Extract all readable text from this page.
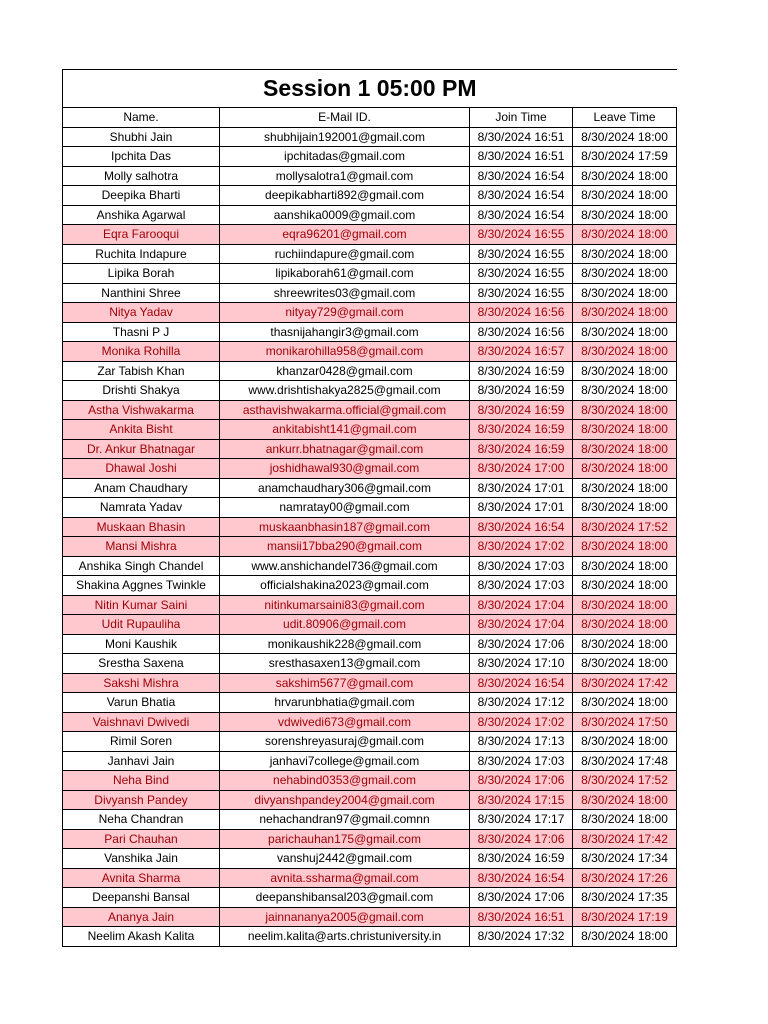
Session 1 05:00 PM			
Name.	E-Mail ID.	Join Time	Leave Time
Shubhi Jain	shubhijain192001@gmail.com	8/30/2024 16:51	8/30/2024 18:00
Ipchita Das	ipchitadas@gmail.com	8/30/2024 16:51	8/30/2024 17:59
Molly salhotra	mollysalotra1@gmail.com	8/30/2024 16:54	8/30/2024 18:00
Deepika Bharti	deepikabharti892@gmail.com	8/30/2024 16:54	8/30/2024 18:00
Anshika Agarwal	aanshika0009@gmail.com	8/30/2024 16:54	8/30/2024 18:00
Eqra Farooqui	eqra96201@gmail.com	8/30/2024 16:55	8/30/2024 18:00
Ruchita Indapure	ruchiindapure@gmail.com	8/30/2024 16:55	8/30/2024 18:00
Lipika Borah	lipikaborah61@gmail.com	8/30/2024 16:55	8/30/2024 18:00
Nanthini Shree	shreewrites03@gmail.com	8/30/2024 16:55	8/30/2024 18:00
Nitya Yadav	nityay729@gmail.com	8/30/2024 16:56	8/30/2024 18:00
Thasni P J	thasnijahangir3@gmail.com	8/30/2024 16:56	8/30/2024 18:00
Monika Rohilla	monikarohilla958@gmail.com	8/30/2024 16:57	8/30/2024 18:00
Zar Tabish Khan	khanzar0428@gmail.com	8/30/2024 16:59	8/30/2024 18:00
Drishti Shakya	www.drishtishakya2825@gmail.com	8/30/2024 16:59	8/30/2024 18:00
Astha Vishwakarma	asthavishwakarma.official@gmail.com	8/30/2024 16:59	8/30/2024 18:00
Ankita Bisht	ankitabisht141@gmail.com	8/30/2024 16:59	8/30/2024 18:00
Dr. Ankur Bhatnagar	ankurr.bhatnagar@gmail.com	8/30/2024 16:59	8/30/2024 18:00
Dhawal Joshi	joshidhawal930@gmail.com	8/30/2024 17:00	8/30/2024 18:00
Anam Chaudhary	anamchaudhary306@gmail.com	8/30/2024 17:01	8/30/2024 18:00
Namrata Yadav	namratay00@gmail.com	8/30/2024 17:01	8/30/2024 18:00
Muskaan Bhasin	muskaanbhasin187@gmail.com	8/30/2024 16:54	8/30/2024 17:52
Mansi Mishra	mansii17bba290@gmail.com	8/30/2024 17:02	8/30/2024 18:00
Anshika Singh Chandel	www.anshichandel736@gmail.com	8/30/2024 17:03	8/30/2024 18:00
Shakina Aggnes Twinkle	officialshakina2023@gmail.com	8/30/2024 17:03	8/30/2024 18:00
Nitin Kumar Saini	nitinkumarsaini83@gmail.com	8/30/2024 17:04	8/30/2024 18:00
Udit Rupauliha	udit.80906@gmail.com	8/30/2024 17:04	8/30/2024 18:00
Moni Kaushik	monikaushik228@gmail.com	8/30/2024 17:06	8/30/2024 18:00
Srestha Saxena	sresthasaxen13@gmail.com	8/30/2024 17:10	8/30/2024 18:00
Sakshi Mishra	sakshim5677@gmail.com	8/30/2024 16:54	8/30/2024 17:42
Varun Bhatia	hrvarunbhatia@gmail.com	8/30/2024 17:12	8/30/2024 18:00
Vaishnavi Dwivedi	vdwivedi673@gmail.com	8/30/2024 17:02	8/30/2024 17:50
Rimil Soren	sorenshreyasuraj@gmail.com	8/30/2024 17:13	8/30/2024 18:00
Janhavi Jain	janhavi7college@gmail.com	8/30/2024 17:03	8/30/2024 17:48
Neha Bind	nehabind0353@gmail.com	8/30/2024 17:06	8/30/2024 17:52
Divyansh Pandey	divyanshpandey2004@gmail.com	8/30/2024 17:15	8/30/2024 18:00
Neha Chandran	nehachandran97@gmail.comnn	8/30/2024 17:17	8/30/2024 18:00
Pari Chauhan	parichauhan175@gmail.com	8/30/2024 17:06	8/30/2024 17:42
Vanshika Jain	vanshuj2442@gmail.com	8/30/2024 16:59	8/30/2024 17:34
Avnita Sharma	avnita.ssharma@gmail.com	8/30/2024 16:54	8/30/2024 17:26
Deepanshi Bansal	deepanshibansal203@gmail.com	8/30/2024 17:06	8/30/2024 17:35
Ananya Jain	jainnananya2005@gmail.com	8/30/2024 16:51	8/30/2024 17:19
Neelim Akash Kalita	neelim.kalita@arts.christuniversity.in	8/30/2024 17:32	8/30/2024 18:00
